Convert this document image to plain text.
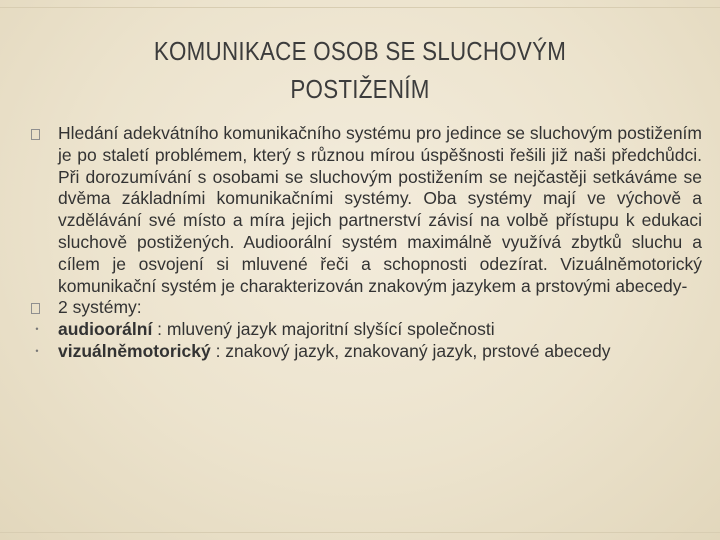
KOMUNIKACE OSOB SE SLUCHOVÝM
POSTIŽENÍM
Hledání adekvátního komunikačního systému pro jedince se sluchovým postižením je po staletí problémem, který s různou mírou úspěšnosti řešili již naši předchůdci. Při dorozumívání s osobami se sluchovým postižením se nejčastěji setkáváme se dvěma základními komunikačními systémy. Oba systémy mají ve výchově a vzdělávání své místo a míra jejich partnerství závisí na volbě přístupu k edukaci sluchově postižených. Audioorální systém maximálně využívá zbytků sluchu a cílem je osvojení si mluvené řeči a schopnosti odezírat. Vizuálněmotorický komunikační systém je charakterizován znakovým jazykem a prstovými abecedy-
2 systémy:
•	audioorální : mluvený jazyk majoritní slyšící společnosti
•	vizuálněmotorický : znakový jazyk, znakovaný jazyk, prstové abecedy
